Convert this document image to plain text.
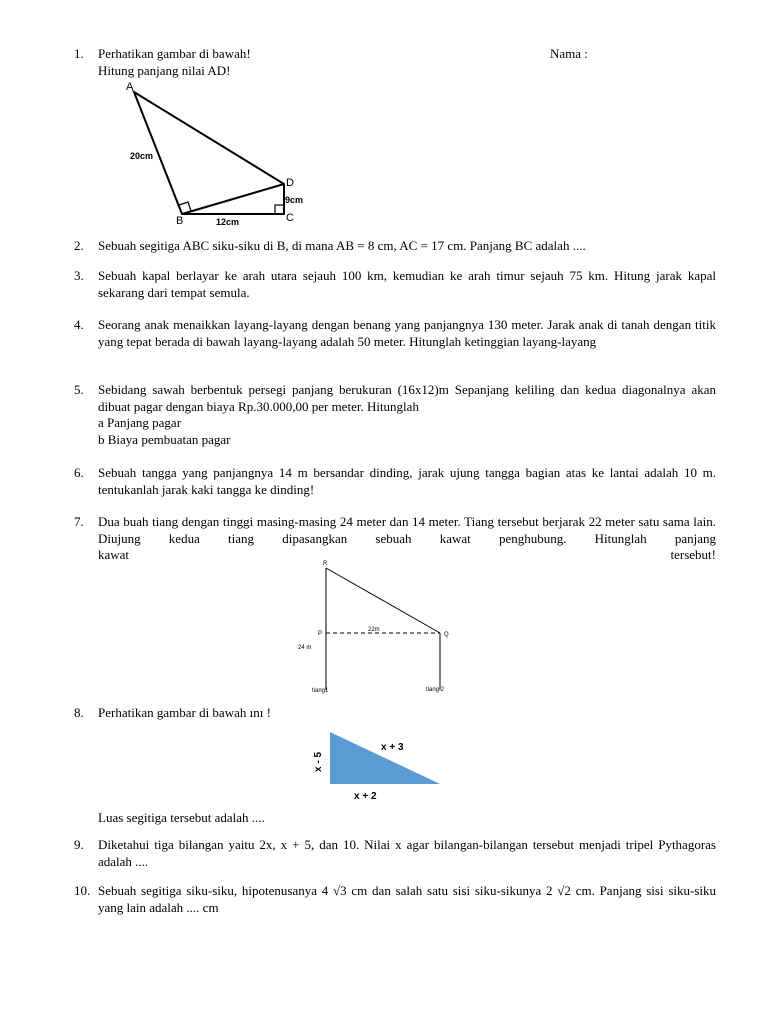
Nama :
1. Perhatikan gambar di bawah!
Hitung panjang nilai AD!
A
B	C
D
20cm
12cm
9cm
2. Sebuah segitiga ABC siku-siku di B, di mana AB = 8 cm, AC = 17 cm. Panjang BC adalah ....
3. Sebuah kapal berlayar ke arah utara sejauh 100 km, kemudian ke arah timur sejauh 75 km. Hitung jarak kapal sekarang dari tempat semula.
4. Seorang anak menaikkan layang-layang dengan benang yang panjangnya 130 meter. Jarak anak di tanah dengan titik yang tepat berada di bawah layang-layang adalah 50 meter. Hitunglah ketinggian layang-layang
5. Sebidang sawah berbentuk persegi panjang berukuran (16x12)m Sepanjang keliling dan kedua diagonalnya akan dibuat pagar dengan biaya Rp.30.000,00 per meter. Hitunglah
a Panjang pagar
b Biaya pembuatan pagar
6. Sebuah tangga yang panjangnya 14 m bersandar dinding, jarak ujung tangga bagian atas ke lantai adalah 10 m. tentukanlah jarak kaki tangga ke dinding!
7. Dua buah tiang dengan tinggi masing-masing 24 meter dan 14 meter. Tiang tersebut berjarak 22 meter satu sama lain. Diujung kedua tiang dipasangkan sebuah kawat penghubung. Hitunglah panjang
kawat	tersebut!
R
P	Q
22m
24 m
tiang1	tiang 2
8. Perhatikan gambar di bawah ını !
x + 3
x + 2
x - 5
Luas segitiga tersebut adalah ....
9. Diketahui tiga bilangan yaitu 2x, x + 5, dan 10. Nilai x agar bilangan-bilangan tersebut menjadi tripel Pythagoras adalah ....
10. Sebuah segitiga siku-siku, hipotenusanya 4 √3 cm dan salah satu sisi siku-sikunya 2 √2 cm. Panjang sisi siku-siku yang lain adalah .... cm
